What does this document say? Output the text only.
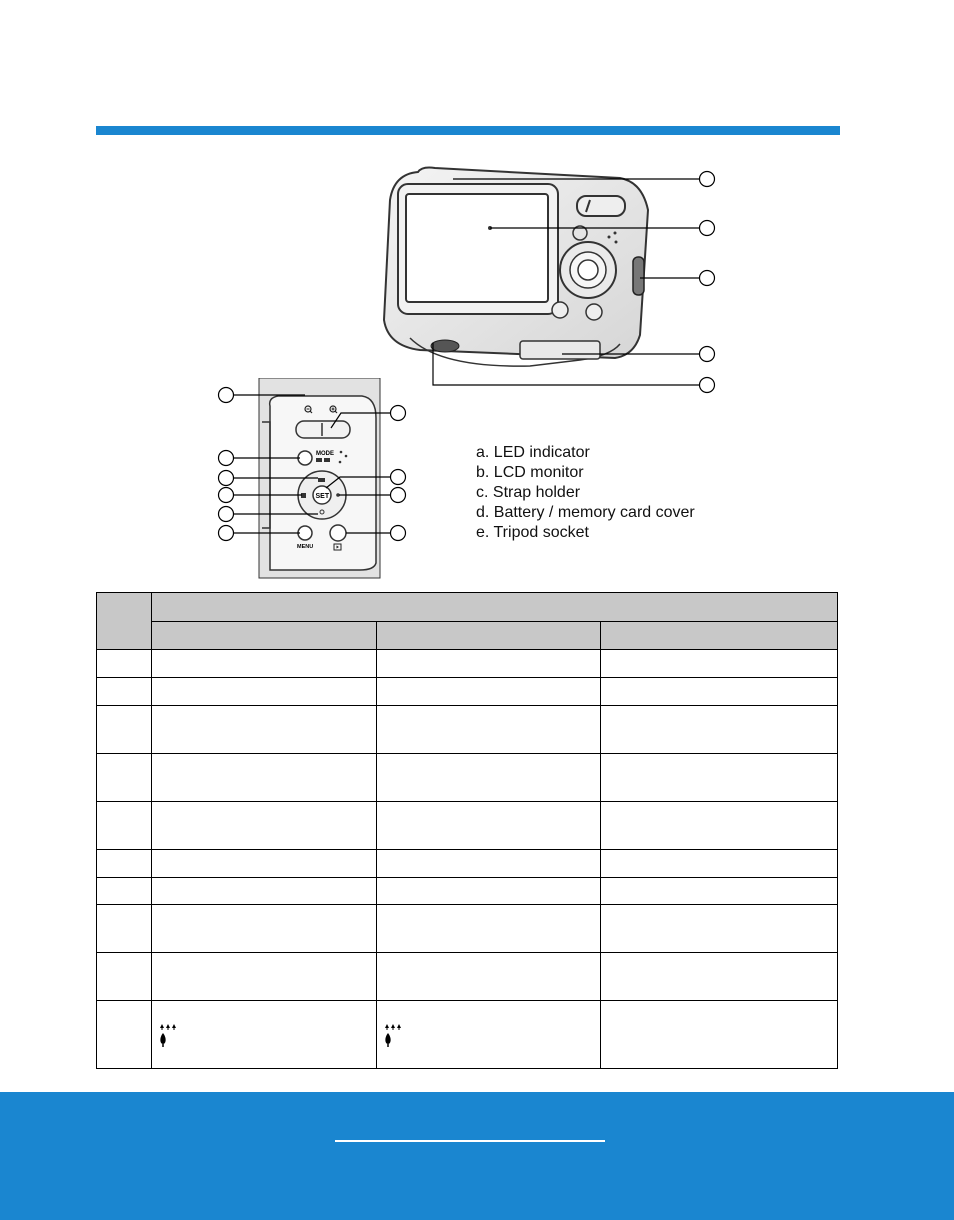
MODE
SET
MENU
a. LED indicator
b. LCD monitor
c. Strap holder
d. Battery / memory card cover
e. Tripod socket
